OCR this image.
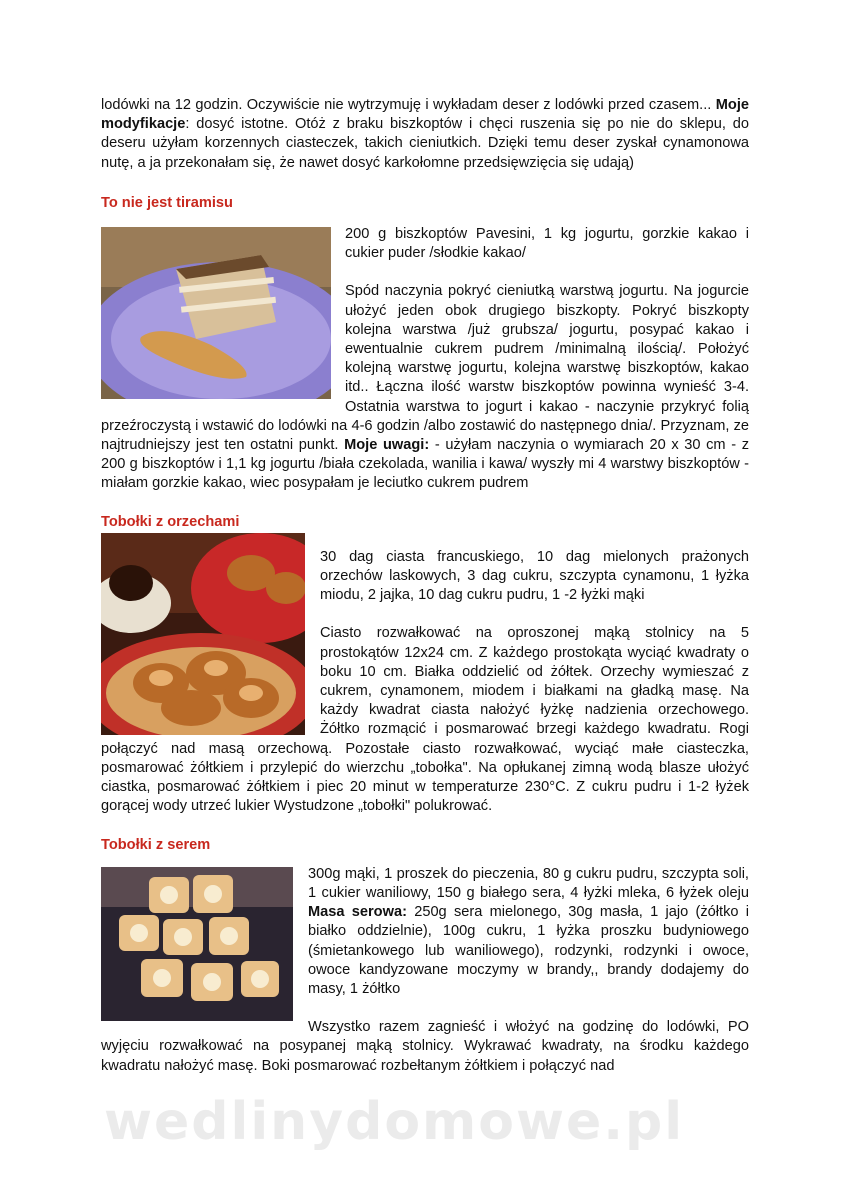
lodówki na 12 godzin. Oczywiście nie wytrzymuję i wykładam deser z lodówki przed czasem... Moje modyfikacje: dosyć istotne. Otóż z braku biszkoptów i chęci ruszenia się po nie do sklepu, do deseru użyłam korzennych ciasteczek, takich cieniutkich. Dzięki temu deser zyskał cynamonowa nutę, a ja przekonałam się, że nawet dosyć karkołomne przedsięwzięcia się udają)

To nie jest tiramisu

200 g biszkoptów Pavesini, 1 kg jogurtu, gorzkie kakao i cukier puder /słodkie kakao/

Spód naczynia pokryć cieniutką warstwą jogurtu. Na jogurcie ułożyć jeden obok drugiego biszkopty. Pokryć biszkopty kolejna warstwa /już grubsza/ jogurtu, posypać kakao i ewentualnie cukrem pudrem /minimalną ilością/. Położyć kolejną warstwę jogurtu, kolejna warstwę biszkoptów, kakao itd.. Łączna ilość warstw biszkoptów powinna wynieść 3-4. Ostatnia warstwa to jogurt i kakao - naczynie przykryć folią przeźroczystą i wstawić do lodówki na 4-6 godzin /albo zostawić do następnego dnia/. Przyznam, ze najtrudniejszy jest ten ostatni punkt. Moje uwagi: - użyłam naczynia o wymiarach 20 x 30 cm - z 200 g biszkoptów i 1,1 kg jogurtu /biała czekolada, wanilia i kawa/ wyszły mi 4 warstwy biszkoptów - miałam gorzkie kakao, wiec posypałam je leciutko cukrem pudrem

Tobołki z orzechami

30 dag ciasta francuskiego, 10 dag mielonych prażonych orzechów laskowych, 3 dag cukru, szczypta cynamonu, 1 łyżka miodu, 2 jajka, 10 dag cukru pudru, 1 -2 łyżki mąki

Ciasto rozwałkować na oproszonej mąką stolnicy na 5 prostokątów 12x24 cm. Z każdego prostokąta wyciąć kwadraty o boku 10 cm. Białka oddzielić od żółtek. Orzechy wymieszać z cukrem, cynamonem, miodem i białkami na gładką masę. Na każdy kwadrat ciasta nałożyć łyżkę nadzienia orzechowego. Żółtko rozmącić i posmarować brzegi każdego kwadratu. Rogi połączyć nad masą orzechową. Pozostałe ciasto rozwałkować, wyciąć małe ciasteczka, posmarować żółtkiem i przylepić do wierzchu „tobołka". Na opłukanej zimną wodą blasze ułożyć ciastka, posmarować żółtkiem i piec 20 minut w temperaturze 230°C. Z cukru pudru i 1-2 łyżek gorącej wody utrzeć lukier Wystudzone „tobołki" polukrować.

Tobołki z serem

300g mąki, 1 proszek do pieczenia, 80 g cukru pudru, szczypta soli, 1 cukier waniliowy, 150 g białego sera, 4 łyżki mleka, 6 łyżek oleju Masa serowa: 250g sera mielonego, 30g masła, 1 jajo (żółtko i białko oddzielnie), 100g cukru, 1 łyżka proszku budyniowego (śmietankowego lub waniliowego), rodzynki, rodzynki i owoce, owoce kandyzowane moczymy w brandy,, brandy dodajemy do masy, 1 żółtko

Wszystko razem zagnieść i włożyć na godzinę do lodówki, PO wyjęciu rozwałkować na posypanej mąką stolnicy. Wykrawać kwadraty, na środku każdego kwadratu nałożyć masę. Boki posmarować rozbełtanym żółtkiem i połączyć nad

wedlinydomowe.pl
